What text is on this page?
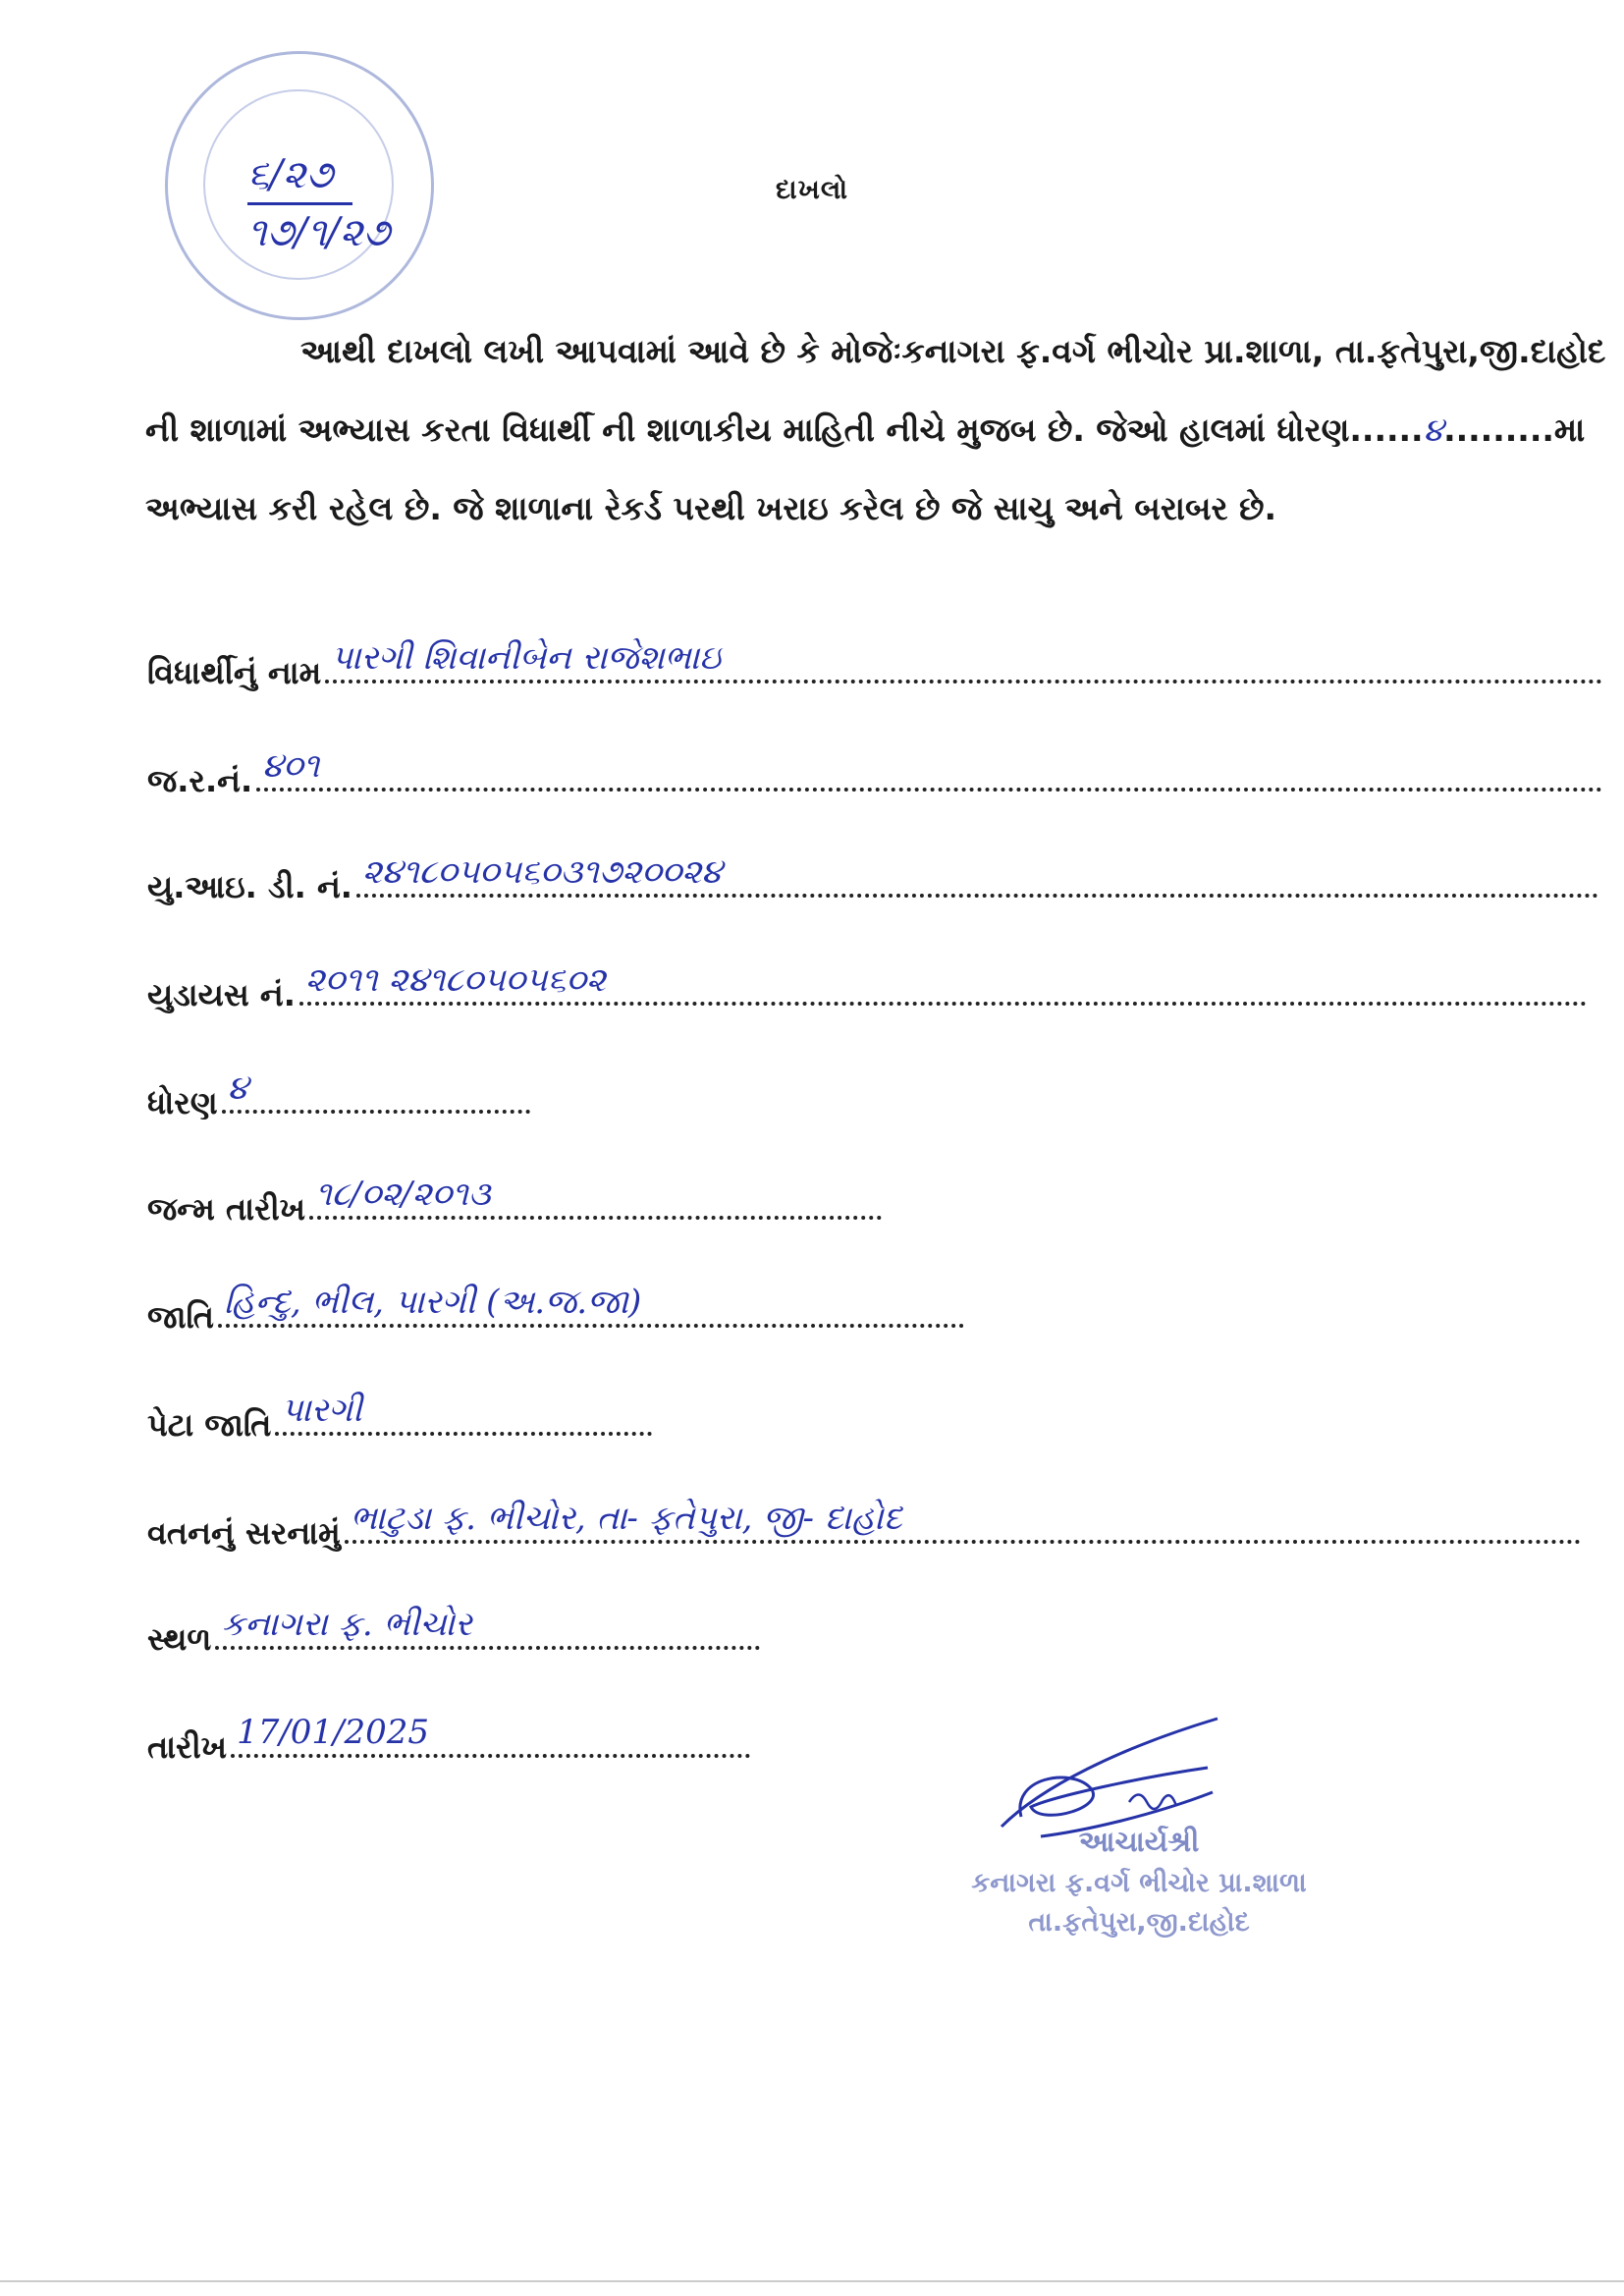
૬/૨૭
૧૭/૧/૨૭
દાખલો
આથી દાખલો લખી આપવામાં આવે છે કે મોજેઃકનાગરા ફ.વર્ગ ભીચોર પ્રા.શાળા, તા.ફતેપુરા,જી.દાહોદ ની શાળામાં અભ્યાસ કરતા વિધાર્થી ની શાળાકીય માહિતી નીચે મુજબ છે. જેઓ હાલમાં ધોરણ......૪.........મા અભ્યાસ કરી રહેલ છે. જે શાળાના રેકર્ડ પરથી ખરાઇ કરેલ છે જે સાચુ અને બરાબર છે.
વિધાર્થીનું નામ પારગી શિવાનીબેન રાજેશભાઇ
જ.ર.નં. ૪૦૧
યુ.આઇ. ડી. નં. ૨૪૧૮૦૫૦૫૬૦૩૧૭૨૦૦૨૪
યુડાયસ નં. ૨૦૧૧ ૨૪૧૮૦૫૦૫૬૦૨
ધોરણ ૪
જન્મ તારીખ ૧૮/૦૨/૨૦૧૩
જાતિ હિન્દુ, ભીલ, પારગી (અ.જ.જા)
પેટા જાતિ પારગી
વતનનું સરનામું ભાટુડા ફ. ભીચોર, તા- ફતેપુરા, જી- દાહોદ
સ્થળ કનાગરા ફ. ભીચોર
તારીખ 17/01/2025
આચાર્યશ્રી
કનાગરા ફ.વર્ગ ભીચોર પ્રા.શાળા
તા.ફતેપુરા,જી.દાહોદ
